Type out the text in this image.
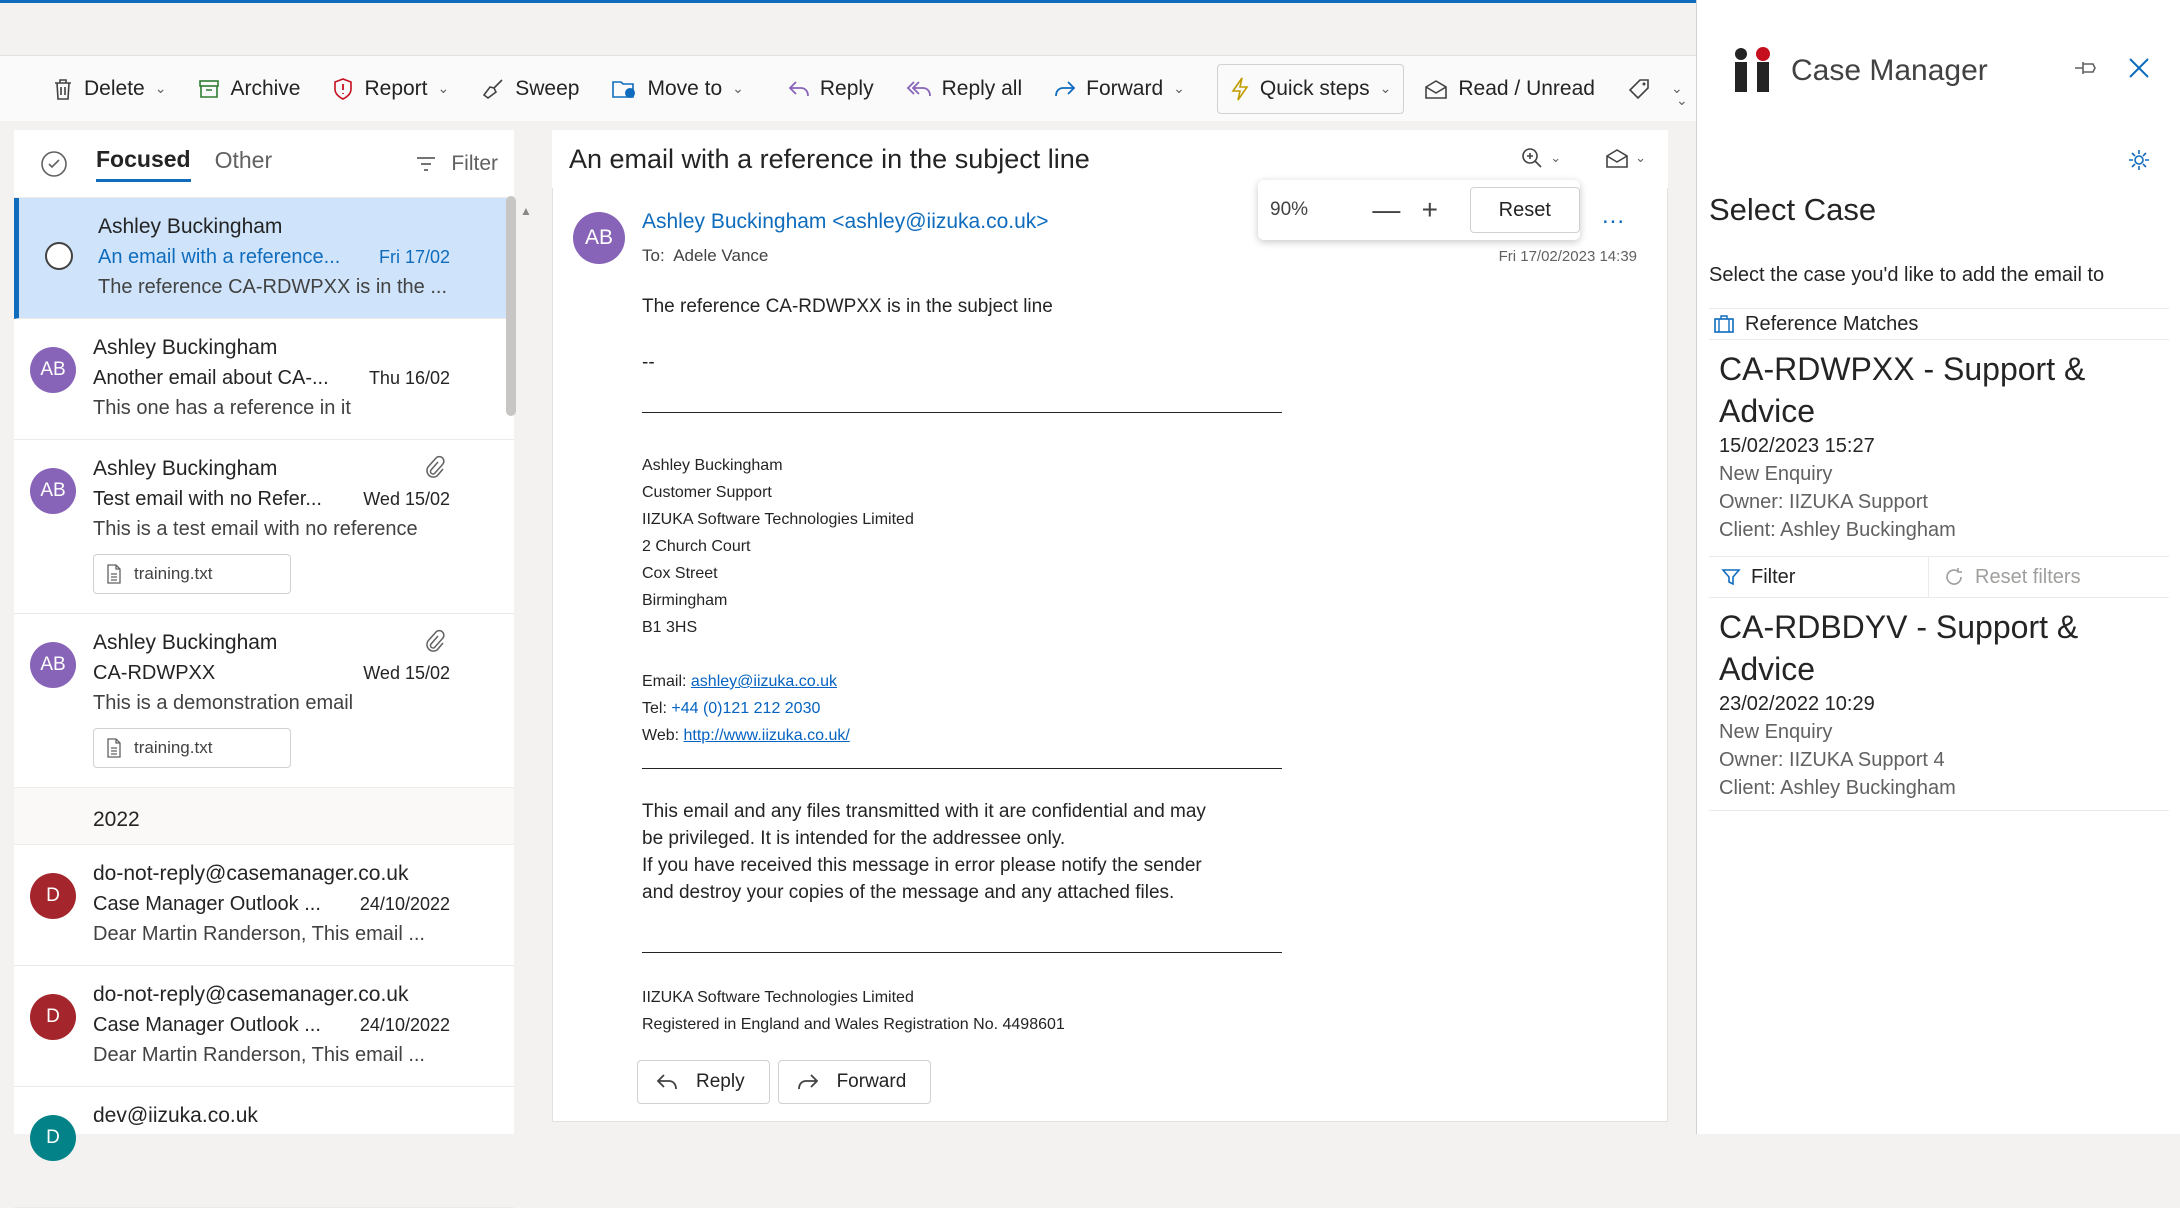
Delete ⌄	Archive	Report ⌄	Sweep	Move to ⌄	Reply	Reply all	Forward ⌄	Quick steps ⌄	Read / Unread	⌄
⌄
Focused Other	Filter
Ashley Buckingham
An email with a reference... Fri 17/02
The reference CA-RDWPXX is in the ...
AB
Ashley Buckingham
Another email about CA-... Thu 16/02
This one has a reference in it
AB
Ashley Buckingham
Test email with no Refer... Wed 15/02
This is a test email with no reference
training.txt
AB
Ashley Buckingham
CA-RDWPXX	Wed 15/02
This is a demonstration email
training.txt
2022
D
do-not-reply@casemanager.co.uk
Case Manager Outlook ... 24/10/2022
Dear Martin Randerson, This email ...
D
do-not-reply@casemanager.co.uk
Case Manager Outlook ... 24/10/2022
Dear Martin Randerson, This email ...
D
dev@iizuka.co.uk
▲
An email with a reference in the subject line	⌄	⌄
90%	— +	Reset
AB
Ashley Buckingham <ashley@iizuka.co.uk>
To: Adele Vance
...
Fri 17/02/2023 14:39
The reference CA-RDWPXX is in the subject line
--
Ashley Buckingham
Customer Support
IIZUKA Software Technologies Limited
2 Church Court
Cox Street
Birmingham
B1 3HS
Email: ashley@iizuka.co.uk
Tel: +44 (0)121 212 2030
Web: http://www.iizuka.co.uk/
This email and any files transmitted with it are confidential and may
be privileged. It is intended for the addressee only.
If you have received this message in error please notify the sender
and destroy your copies of the message and any attached files.
IIZUKA Software Technologies Limited
Registered in England and Wales Registration No. 4498601
Reply	Forward
Case Manager
Select Case
Select the case you'd like to add the email to
Reference Matches
CA-RDWPXX - Support &
Advice
15/02/2023 15:27
New Enquiry
Owner: IIZUKA Support
Client: Ashley Buckingham
Filter	Reset filters
CA-RDBDYV - Support &
Advice
23/02/2022 10:29
New Enquiry
Owner: IIZUKA Support 4
Client: Ashley Buckingham
